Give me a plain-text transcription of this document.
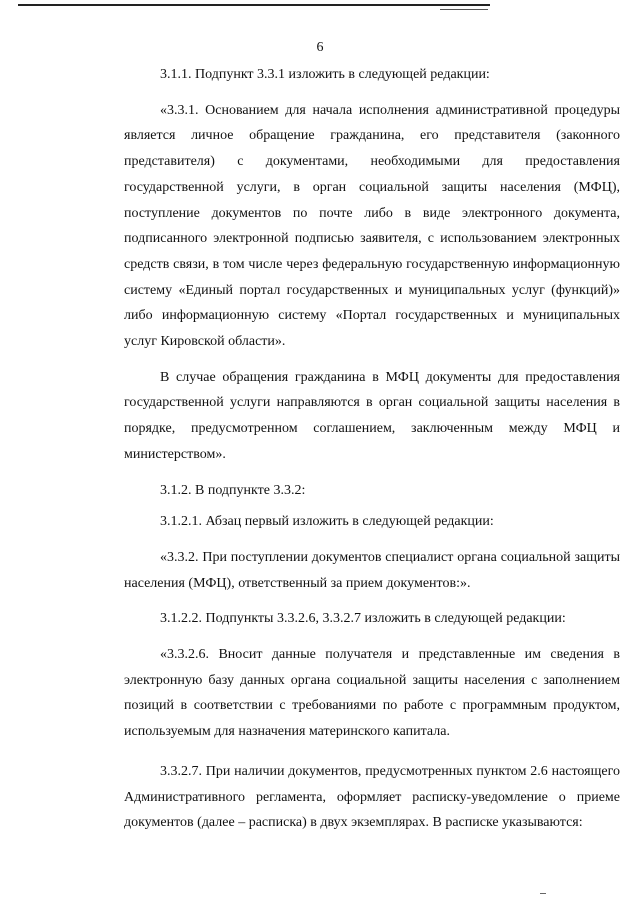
6

3.1.1. Подпункт 3.3.1 изложить в следующей редакции:

«3.3.1. Основанием для начала исполнения административной процедуры является личное обращение гражданина, его представителя (законного представителя) с документами, необходимыми для предоставления государственной услуги, в орган социальной защиты населения (МФЦ), поступление документов по почте либо в виде электронного документа, подписанного электронной подписью заявителя, с использованием электронных средств связи, в том числе через федеральную государственную информационную систему «Единый портал государственных и муниципальных услуг (функций)» либо информационную систему «Портал государственных и муниципальных услуг Кировской области».

В случае обращения гражданина в МФЦ документы для предоставления государственной услуги направляются в орган социальной защиты населения в порядке, предусмотренном соглашением, заключенным между МФЦ и министерством».

3.1.2. В подпункте 3.3.2:

3.1.2.1. Абзац первый изложить в следующей редакции:

«3.3.2. При поступлении документов специалист органа социальной защиты населения (МФЦ), ответственный за прием документов:».

3.1.2.2. Подпункты 3.3.2.6, 3.3.2.7 изложить в следующей редакции:

«3.3.2.6. Вносит данные получателя и представленные им сведения в электронную базу данных органа социальной защиты населения с заполнением позиций в соответствии с требованиями по работе с программным продуктом, используемым для назначения материнского капитала.

3.3.2.7. При наличии документов, предусмотренных пунктом 2.6 настоящего Административного регламента, оформляет расписку-уведомление о приеме документов (далее – расписка) в двух экземплярах. В расписке указываются:
